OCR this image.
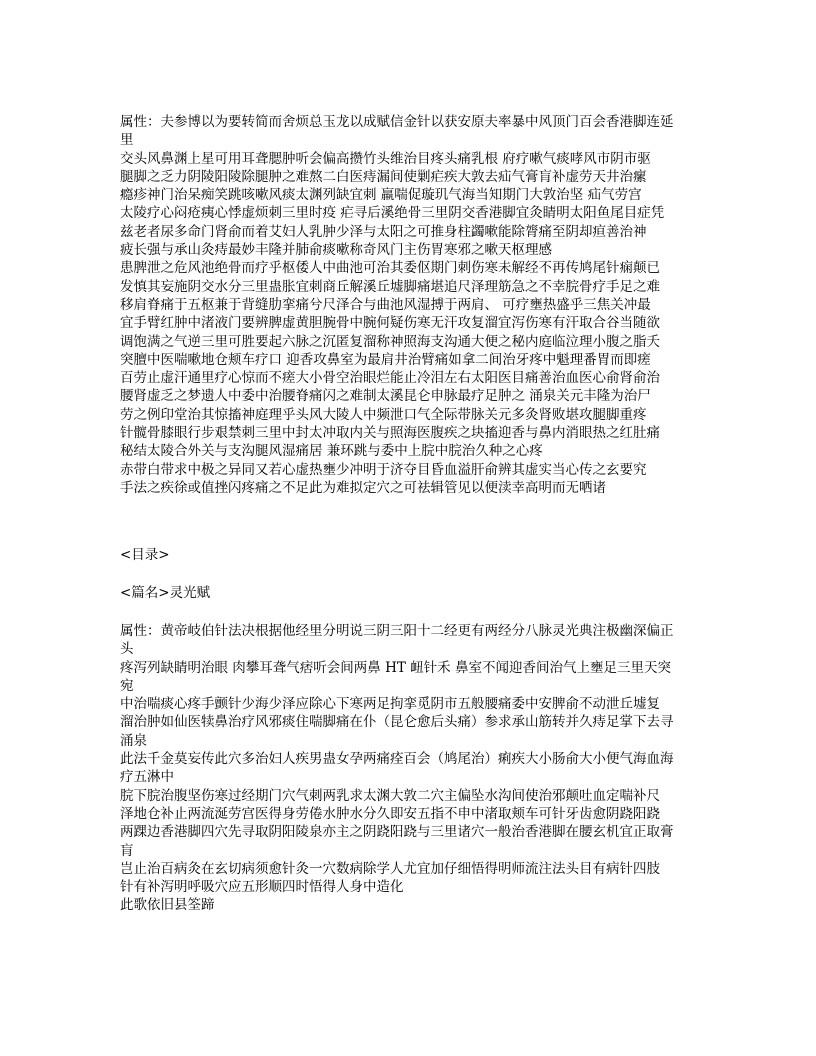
属性：夫参博以为要转简而舍烦总玉龙以成赋信金针以获安原夫率暴中风顶门百会香港脚连延
里
交头风鼻渊上星可用耳聋腮肿听会偏高攒竹头维治目疼头痛乳根 府疗嗽气痰哮风市阴市驱
腿脚之乏力阴陵阳陵除腿肿之难熬二白医痔漏间使剿疟疾大敦去疝气膏肓补虚劳天井治瘰
瘾疹神门治呆痴笑跳咳嗽风痰太渊列缺宜刺 羸喘促璇玑气海当知期门大敦治坚 疝气劳宫
太陵疗心闷疮痍心悸虚烦刺三里时疫 疟寻后溪绝骨三里阴交香港脚宜灸睛明太阳鱼尾目症凭
兹老者尿多命门肾俞而着艾妇人乳肿少泽与太阳之可推身柱蠲嗽能除膂痛至阴却疸善治神
疲长强与承山灸痔最妙丰隆并肺俞痰嗽称奇风门主伤胃寒邪之嗽天枢理感
患脾泄之危风池绝骨而疗乎枢倭人中曲池可治其委伛期门刺伤寒未解经不再传鸠尾针痫颠已
发慎其妄施阴交水分三里蛊胀宜刺商丘解溪丘墟脚痛堪追尺泽理筋急之不幸脘骨疗手足之难
移肩脊痛于五枢兼于背缝肋挛痛兮尺泽合与曲池风湿搏于两肩、 可疗壅热盛乎三焦关冲最
宜手臂红肿中渚液门要辨脾虚黄胆腕骨中腕何疑伤寒无汗攻复溜宜泻伤寒有汗取合谷当随欲
调饱满之气逆三里可胜要起六脉之沉匿复溜称神照海支沟通大便之秘内庭临泣理小腹之脂夭
突膻中医喘嗽地仓颊车疗口 迎香攻鼻室为最肩井治臂痛如拿二间治牙疼中魁理番胃而即瘥
百劳止虚汗通里疗心惊而不瘥大小骨空治眼烂能止冷泪左右太阳医目痛善治血医心俞肾俞治
腰肾虚乏之梦遗人中委中治腰脊痛闪之难制太溪昆仑申脉最疗足肿之 涌泉关元丰隆为治尸
劳之例印堂治其惊搐神庭理乎头风大陵人中频泄口气全际带脉关元多灸肾败堪攻腿脚重疼
针髋骨膝眼行步艰禁刺三里中封太冲取内关与照海医腹疾之块搐迎香与鼻内消眼热之红肚痛
秘结太陵合外关与支沟腿风湿痛居 兼环跳与委中上脘中脘治久种之心疼
赤带白带求中极之异同又若心虚热壅少冲明于济夺目昏血溢肝俞辨其虚实当心传之玄要究
手法之疾徐或值挫闪疼痛之不足此为难拟定穴之可祛辑管见以便渎幸高明而无哂诸
<目录>
<篇名>灵光赋
属性：黄帝岐伯针法决根据他经里分明说三阴三阳十二经更有两经分八脉灵光典注极幽深偏正
头
疼泻列缺睛明治眼 肉攀耳聋气痞听会间两鼻 HT 衄针禾 鼻室不闻迎香间治气上壅足三里天突
宛
中治喘痰心疼手颤针少海少泽应除心下寒两足拘挛觅阴市五般腰痛委中安脾俞不动泄丘墟复
溜治肿如仙医犊鼻治疗风邪痰住喘脚痛在仆（昆仑愈后头痛）参求承山筋转并久痔足掌下去寻
涌泉
此法千金莫妄传此穴多治妇人疾男蛊女孕两痛痊百会（鸠尾治）痢疾大小肠俞大小便气海血海
疗五淋中
脘下脘治腹坚伤寒过经期门穴气刺两乳求太渊大敦二穴主偏坠水沟间使治邪颠吐血定喘补尺
泽地仓补止两流涎劳宫医得身劳倦水肿水分久即安五指不申中渚取颊车可针牙齿愈阴跷阳跷
两踝边香港脚四穴先寻取阴阳陵泉亦主之阴跷阳跷与三里诸穴一般治香港脚在腰玄机宜正取膏
肓
岂止治百病灸在玄切病须愈针灸一穴数病除学人尤宜加仔细悟得明师流注法头目有病针四肢
针有补泻明呼吸穴应五形顺四时悟得人身中造化
此歌依旧县筌蹄
